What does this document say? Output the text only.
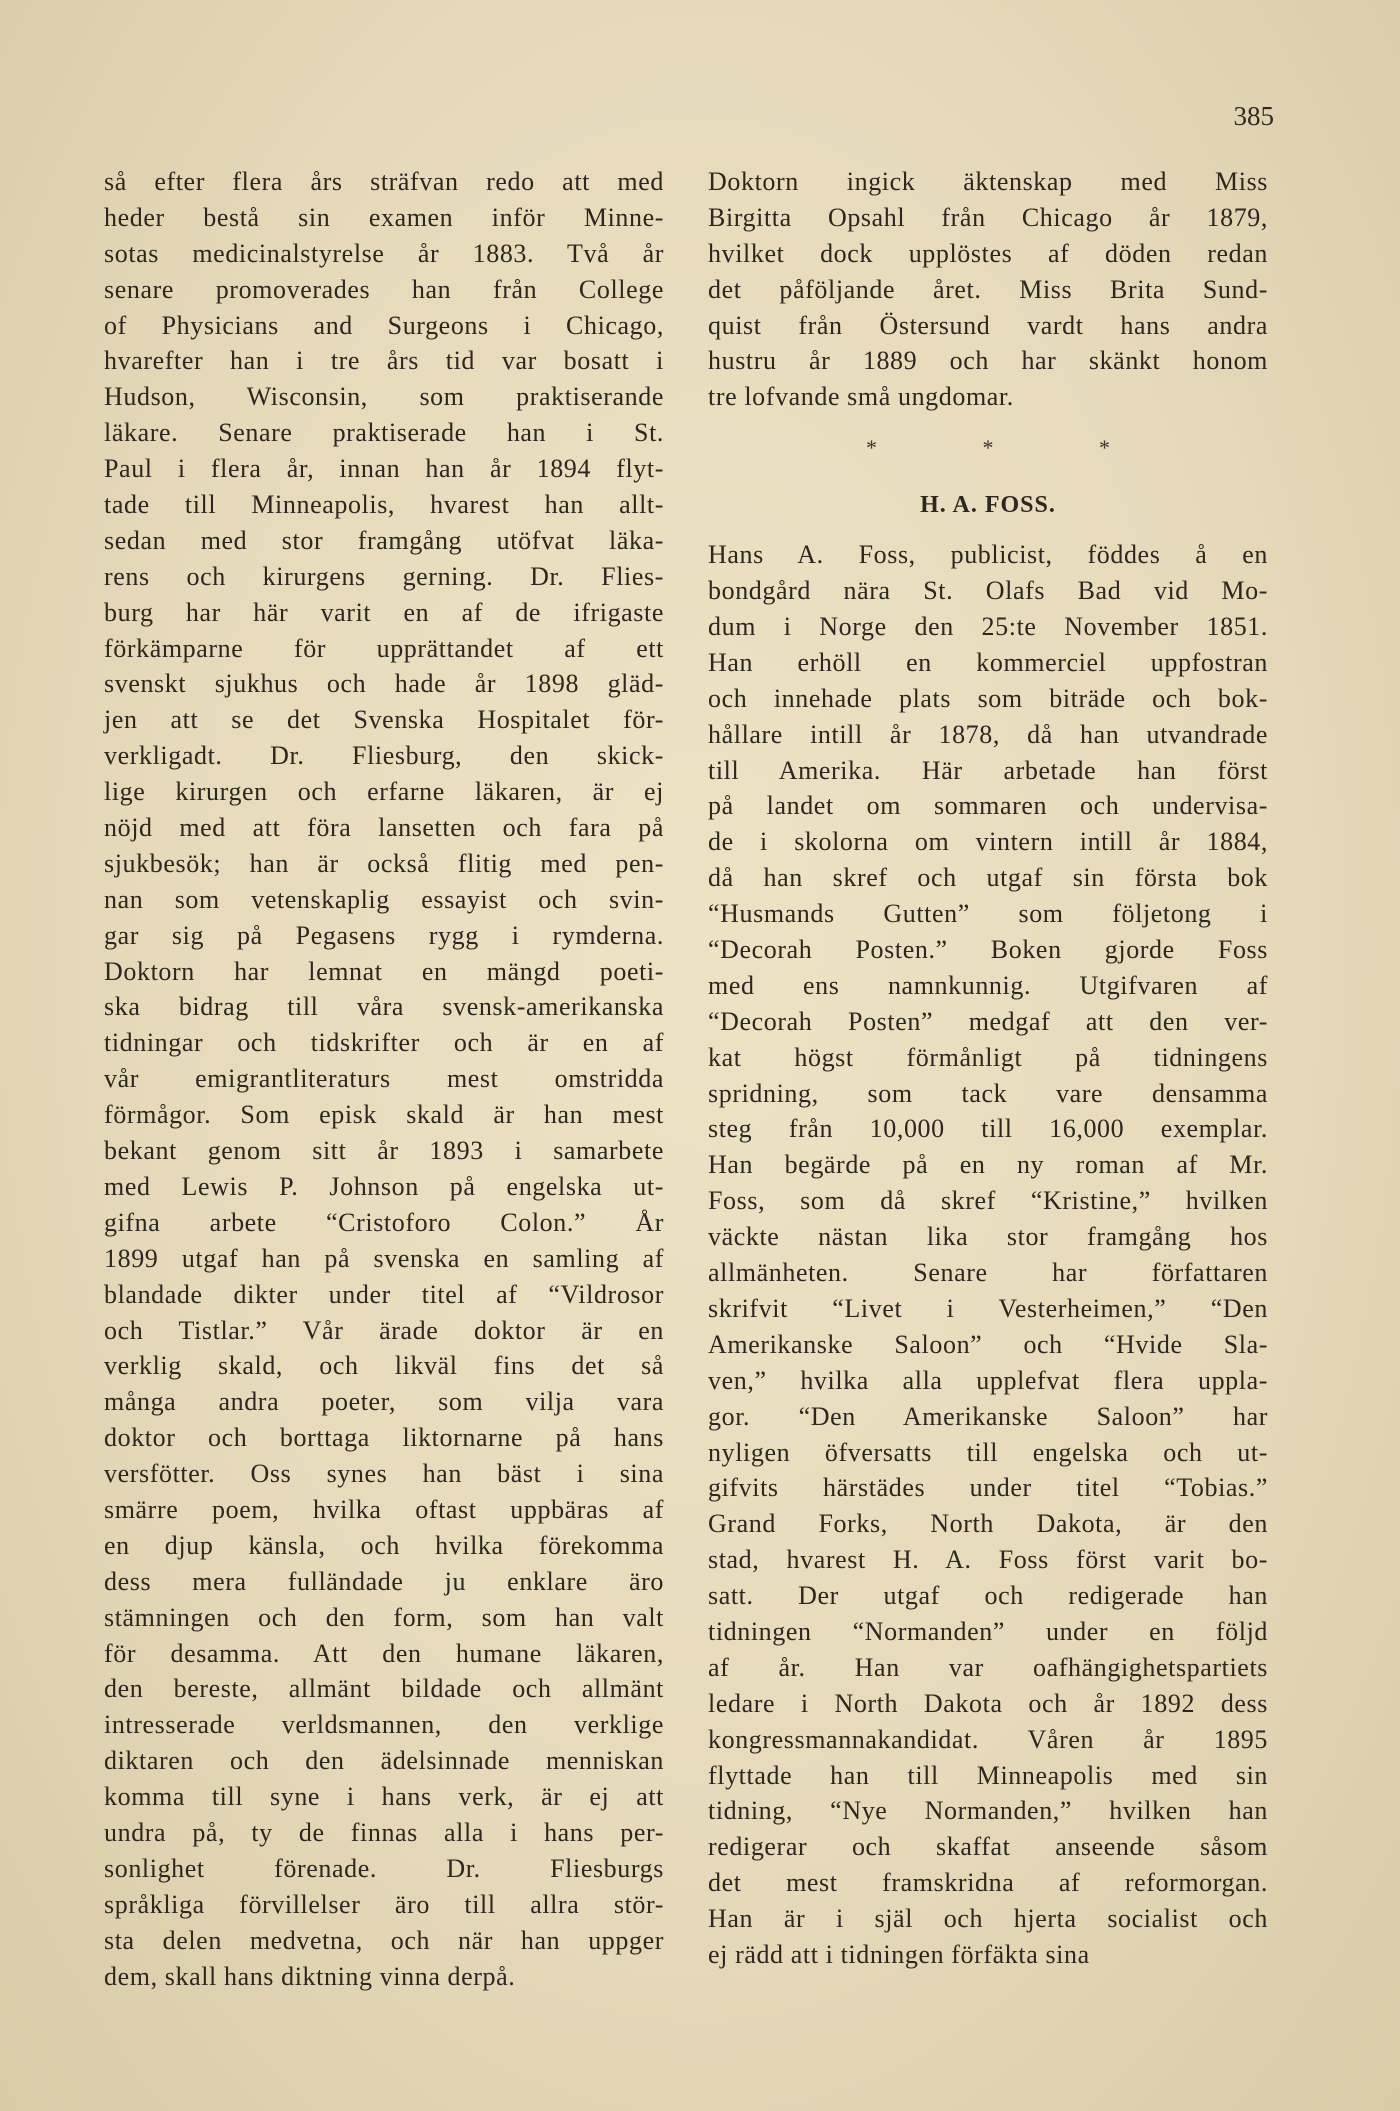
385
så efter flera års sträfvan redo att med
heder bestå sin examen inför Minne-
sotas medicinalstyrelse år 1883. Två år
senare promoverades han från College
of Physicians and Surgeons i Chicago,
hvarefter han i tre års tid var bosatt i
Hudson, Wisconsin, som praktiserande
läkare. Senare praktiserade han i St.
Paul i flera år, innan han år 1894 flyt-
tade till Minneapolis, hvarest han allt-
sedan med stor framgång utöfvat läka-
rens och kirurgens gerning. Dr. Flies-
burg har här varit en af de ifrigaste
förkämparne för upprättandet af ett
svenskt sjukhus och hade år 1898 gläd-
jen att se det Svenska Hospitalet för-
verkligadt. Dr. Fliesburg, den skick-
lige kirurgen och erfarne läkaren, är ej
nöjd med att föra lansetten och fara på
sjukbesök; han är också flitig med pen-
nan som vetenskaplig essayist och svin-
gar sig på Pegasens rygg i rymderna.
Doktorn har lemnat en mängd poeti-
ska bidrag till våra svensk-amerikanska
tidningar och tidskrifter och är en af
vår emigrantliteraturs mest omstridda
förmågor. Som episk skald är han mest
bekant genom sitt år 1893 i samarbete
med Lewis P. Johnson på engelska ut-
gifna arbete “Cristoforo Colon.” År
1899 utgaf han på svenska en samling af
blandade dikter under titel af “Vildrosor
och Tistlar.” Vår ärade doktor är en
verklig skald, och likväl fins det så
många andra poeter, som vilja vara
doktor och borttaga liktornarne på hans
versfötter. Oss synes han bäst i sina
smärre poem, hvilka oftast uppbäras af
en djup känsla, och hvilka förekomma
dess mera fulländade ju enklare äro
stämningen och den form, som han valt
för desamma. Att den humane läkaren,
den bereste, allmänt bildade och allmänt
intresserade verldsmannen, den verklige
diktaren och den ädelsinnade menniskan
komma till syne i hans verk, är ej att
undra på, ty de finnas alla i hans per-
sonlighet förenade. Dr. Fliesburgs
språkliga förvillelser äro till allra stör-
sta delen medvetna, och när han uppger
dem, skall hans diktning vinna derpå.
Doktorn ingick äktenskap med Miss
Birgitta Opsahl från Chicago år 1879,
hvilket dock upplöstes af döden redan
det påföljande året. Miss Brita Sund-
quist från Östersund vardt hans andra
hustru år 1889 och har skänkt honom
tre lofvande små ungdomar.
* * *
H. A. FOSS.
Hans A. Foss, publicist, föddes å en
bondgård nära St. Olafs Bad vid Mo-
dum i Norge den 25:te November 1851.
Han erhöll en kommerciel uppfostran
och innehade plats som biträde och bok-
hållare intill år 1878, då han utvandrade
till Amerika. Här arbetade han först
på landet om sommaren och undervisa-
de i skolorna om vintern intill år 1884,
då han skref och utgaf sin första bok
“Husmands Gutten” som följetong i
“Decorah Posten.” Boken gjorde Foss
med ens namnkunnig. Utgifvaren af
“Decorah Posten” medgaf att den ver-
kat högst förmånligt på tidningens
spridning, som tack vare densamma
steg från 10,000 till 16,000 exemplar.
Han begärde på en ny roman af Mr.
Foss, som då skref “Kristine,” hvilken
väckte nästan lika stor framgång hos
allmänheten. Senare har författaren
skrifvit “Livet i Vesterheimen,” “Den
Amerikanske Saloon” och “Hvide Sla-
ven,” hvilka alla upplefvat flera uppla-
gor. “Den Amerikanske Saloon” har
nyligen öfversatts till engelska och ut-
gifvits härstädes under titel “Tobias.”
Grand Forks, North Dakota, är den
stad, hvarest H. A. Foss först varit bo-
satt. Der utgaf och redigerade han
tidningen “Normanden” under en följd
af år. Han var oafhängighetspartiets
ledare i North Dakota och år 1892 dess
kongressmannakandidat. Våren år 1895
flyttade han till Minneapolis med sin
tidning, “Nye Normanden,” hvilken han
redigerar och skaffat anseende såsom
det mest framskridna af reformorgan.
Han är i själ och hjerta socialist och
ej rädd att i tidningen förfäkta sina
